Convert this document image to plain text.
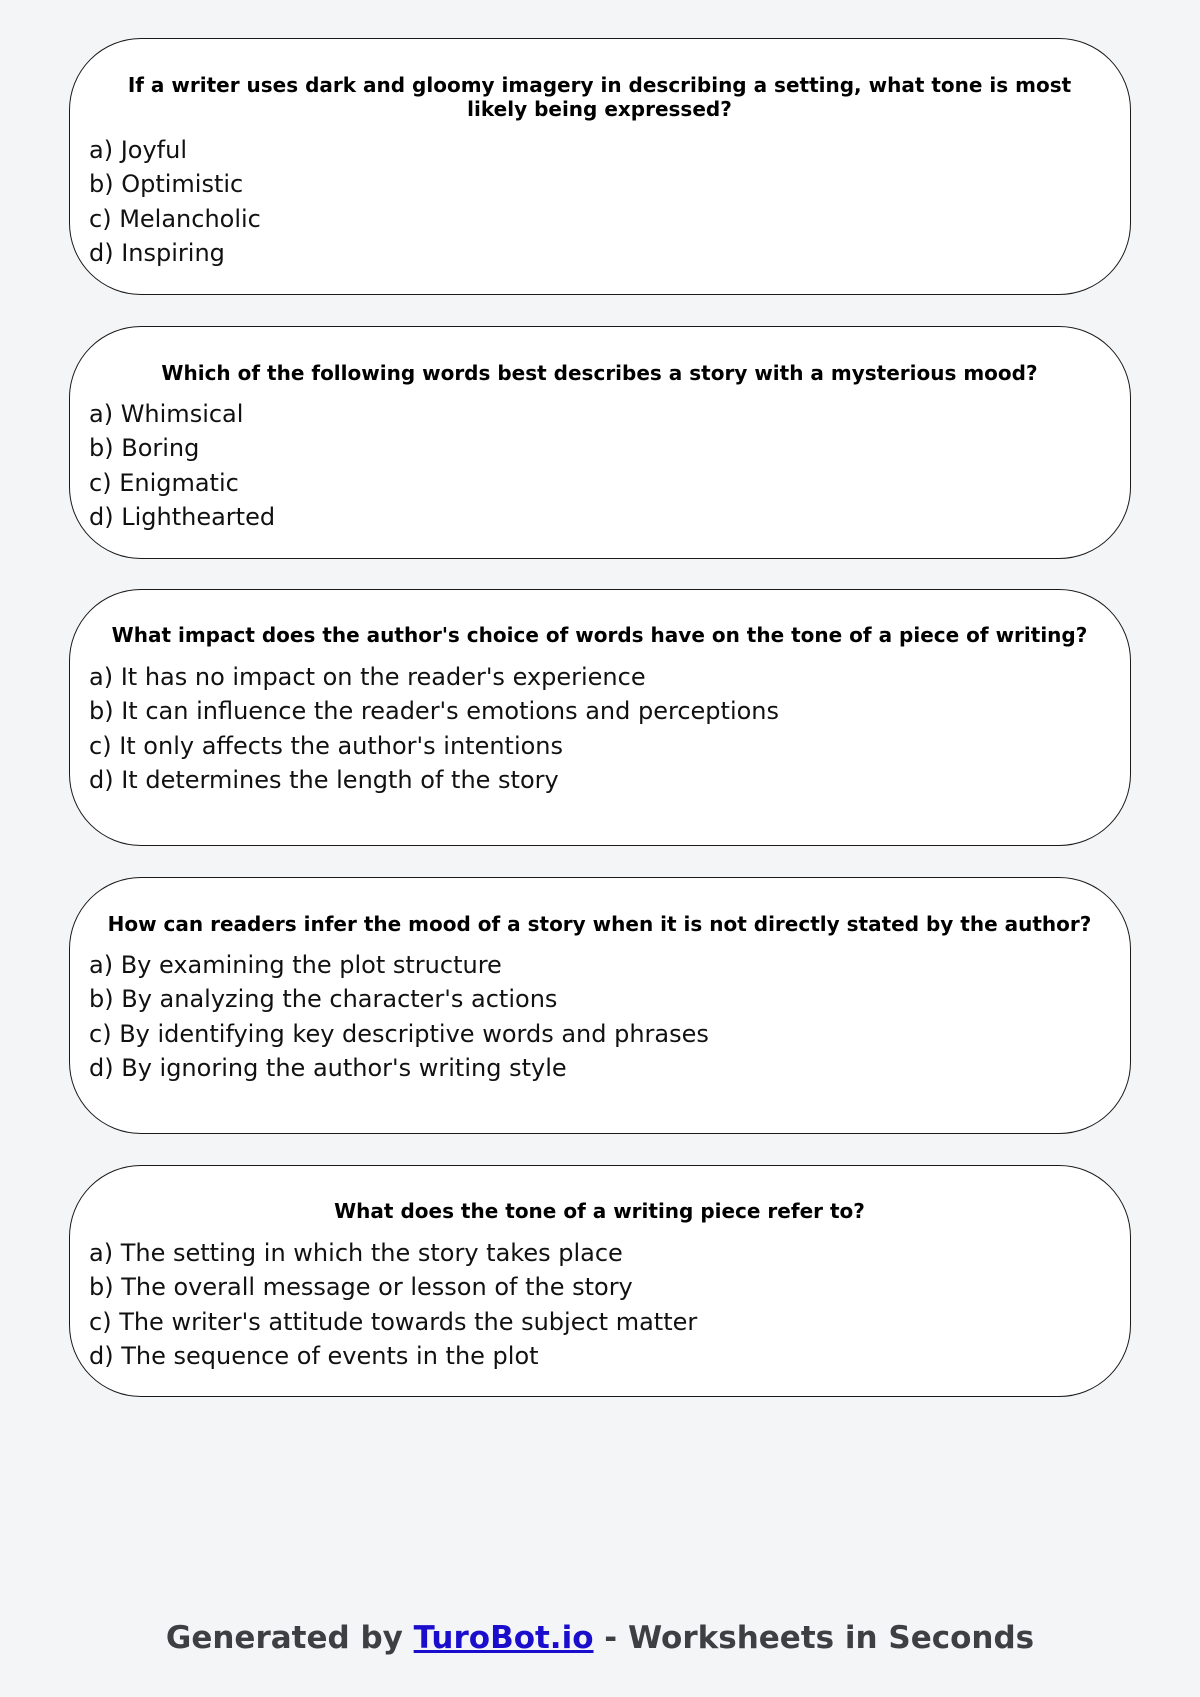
If a writer uses dark and gloomy imagery in describing a setting, what tone is most likely being expressed?

a) Joyful
b) Optimistic
c) Melancholic
d) Inspiring

Which of the following words best describes a story with a mysterious mood?

a) Whimsical
b) Boring
c) Enigmatic
d) Lighthearted

What impact does the author's choice of words have on the tone of a piece of writing?

a) It has no impact on the reader's experience
b) It can influence the reader's emotions and perceptions
c) It only affects the author's intentions
d) It determines the length of the story

How can readers infer the mood of a story when it is not directly stated by the author?

a) By examining the plot structure
b) By analyzing the character's actions
c) By identifying key descriptive words and phrases
d) By ignoring the author's writing style

What does the tone of a writing piece refer to?

a) The setting in which the story takes place
b) The overall message or lesson of the story
c) The writer's attitude towards the subject matter
d) The sequence of events in the plot
Generated by TuroBot.io - Worksheets in Seconds
